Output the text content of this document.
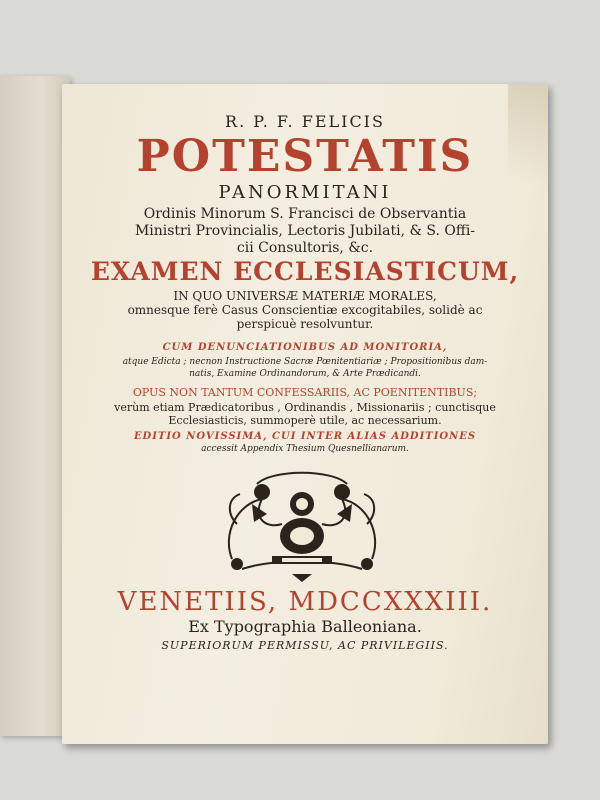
R. P. F. FELICIS
POTESTATIS
PANORMITANI
Ordinis Minorum S. Francisci de Observantia
Ministri Provincialis, Lectoris Jubilati, & S. Offi-
cii Consultoris, &c.
EXAMEN ECCLESIASTICUM,
IN QUO UNIVERSÆ MATERIÆ MORALES,
omnesque ferè Casus Conscientiæ excogitabiles, solidè ac
perspicuè resolvuntur.
CUM DENUNCIATIONIBUS AD MONITORIA,
atque Edicta ; necnon Instructione Sacræ Pœnitentiariæ ; Propositionibus dam-
natis, Examine Ordinandorum, & Arte Prædicandi.
OPUS NON TANTUM CONFESSARIIS, AC POENITENTIBUS;
verùm etiam Prædicatoribus , Ordinandis , Missionariis ; cunctisque
Ecclesiasticis, summoperè utile, ac necessarium.
EDITIO NOVISSIMA, CUI INTER ALIAS ADDITIONES
accessit Appendix Thesium Quesnellianarum.
VENETIIS, MDCCXXXIII.
Ex Typographia Balleoniana.
SUPERIORUM PERMISSU, AC PRIVILEGIIS.
